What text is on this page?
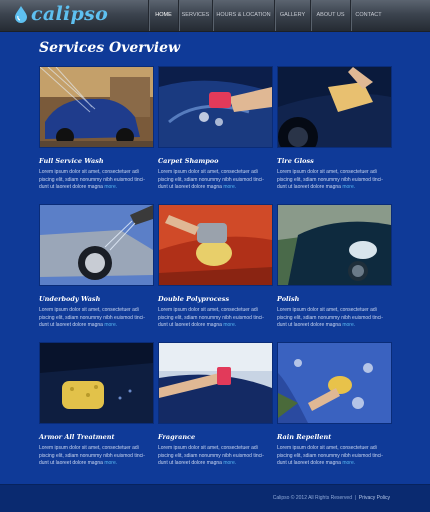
calipso	HOME	SERVICES	HOURS & LOCATION	GALLERY	ABOUT US	CONTACT
Services Overview
Full Service Wash
Lorem ipsum dolor sit amet, consectetuer adi piscing elit, sdiam nonummy nibh euismod tinci- dunt ut laoreet dolore magna more.
Carpet Shampoo
Lorem ipsum dolor sit amet, consectetuer adi piscing elit, sdiam nonummy nibh euismod tinci- dunt ut laoreet dolore magna more.
Tire Gloss
Lorem ipsum dolor sit amet, consectetuer adi piscing elit, sdiam nonummy nibh euismod tinci- dunt ut laoreet dolore magna more.
Underbody Wash
Lorem ipsum dolor sit amet, consectetuer adi piscing elit, sdiam nonummy nibh euismod tinci- dunt ut laoreet dolore magna more.
Double Polyprocess
Lorem ipsum dolor sit amet, consectetuer adi piscing elit, sdiam nonummy nibh euismod tinci- dunt ut laoreet dolore magna more.
Polish
Lorem ipsum dolor sit amet, consectetuer adi piscing elit, sdiam nonummy nibh euismod tinci- dunt ut laoreet dolore magna more.
Armor All Treatment
Lorem ipsum dolor sit amet, consectetuer adi piscing elit, sdiam nonummy nibh euismod tinci- dunt ut laoreet dolore magna more.
Fragrance
Lorem ipsum dolor sit amet, consectetuer adi piscing elit, sdiam nonummy nibh euismod tinci- dunt ut laoreet dolore magna more.
Rain Repellent
Lorem ipsum dolor sit amet, consectetuer adi piscing elit, sdiam nonummy nibh euismod tinci- dunt ut laoreet dolore magna more.
Calipso © 2012 All Rights Reserved | Privacy Policy
